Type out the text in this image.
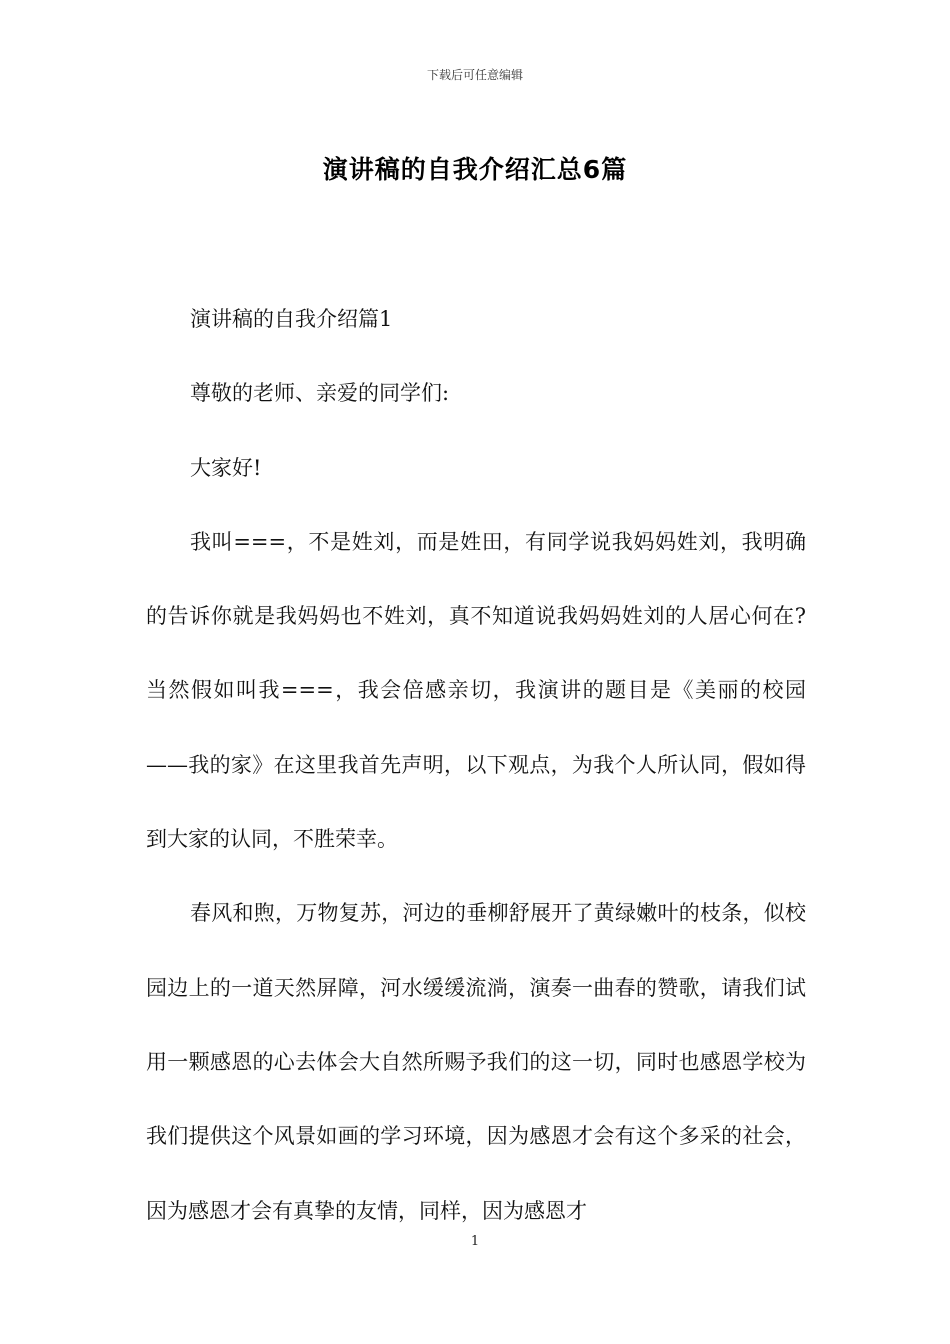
下载后可任意编辑
演讲稿的自我介绍汇总6篇

演讲稿的自我介绍篇1

尊敬的老师、亲爱的同学们:

大家好!

我叫===，不是姓刘，而是姓田，有同学说我妈妈姓刘，我明确的告诉你就是我妈妈也不姓刘，真不知道说我妈妈姓刘的人居心何在?当然假如叫我===，我会倍感亲切，我演讲的题目是《美丽的校园——我的家》在这里我首先声明，以下观点，为我个人所认同，假如得到大家的认同，不胜荣幸。

春风和煦，万物复苏，河边的垂柳舒展开了黄绿嫩叶的枝条，似校园边上的一道天然屏障，河水缓缓流淌，演奏一曲春的赞歌，请我们试用一颗感恩的心去体会大自然所赐予我们的这一切，同时也感恩学校为我们提供这个风景如画的学习环境，因为感恩才会有这个多采的社会，因为感恩才会有真挚的友情，同样，因为感恩才

1
